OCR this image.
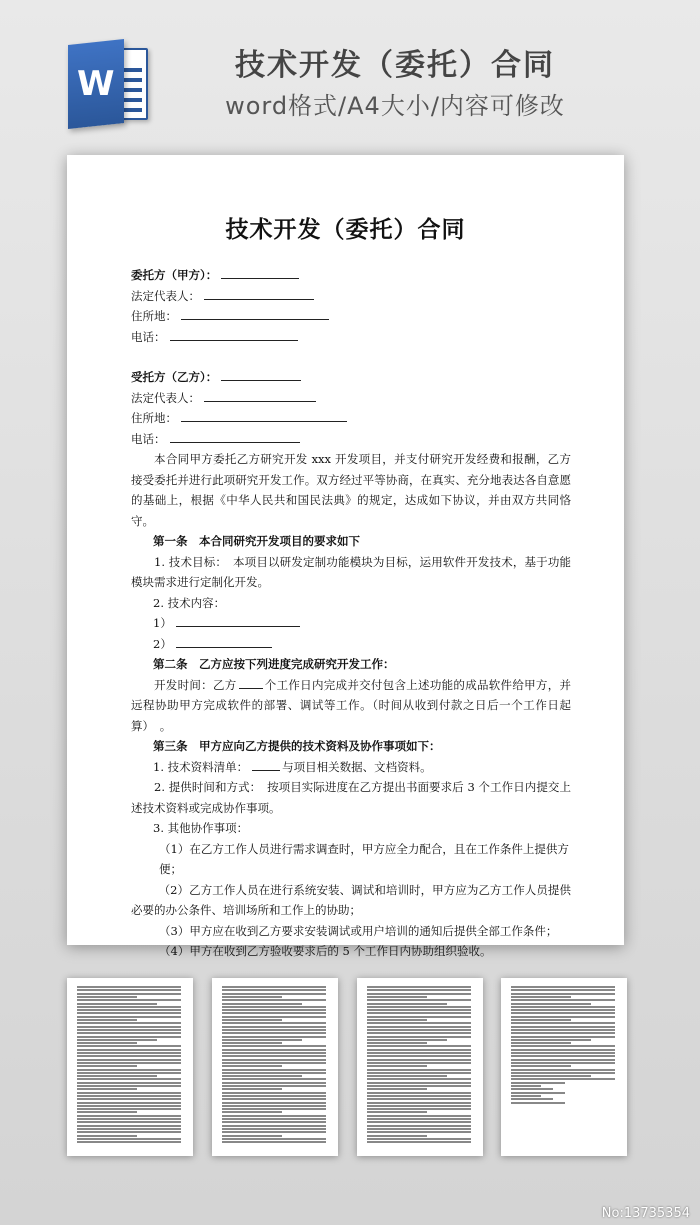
W	技术开发（委托）合同
word格式/A4大小/内容可修改
技术开发（委托）合同
委托方（甲方）：
法定代表人：
住所地：
电话：
受托方（乙方）：
法定代表人：
住所地：
电话：

本合同甲方委托乙方研究开发 xxx 开发项目，并支付研究开发经费和报酬，乙方接受委托并进行此项研究开发工作。双方经过平等协商，在真实、充分地表达各自意愿的基础上，根据《中华人民共和国民法典》的规定，达成如下协议，并由双方共同恪守。

第一条　本合同研究开发项目的要求如下

1. 技术目标：　本项目以研发定制功能模块为目标，运用软件开发技术，基于功能模块需求进行定制化开发。

2. 技术内容：
1）
2）
第二条　乙方应按下列进度完成研究开发工作：

开发时间：乙方 个工作日内完成并交付包含上述功能的成品软件给甲方，并远程协助甲方完成软件的部署、调试等工作。（时间从收到付款之日后一个工作日起算）　。

第三条　甲方应向乙方提供的技术资料及协作事项如下：
1. 技术资料清单：	与项目相关数据、文档资料。

2. 提供时间和方式：　按项目实际进度在乙方提出书面要求后 3 个工作日内提交上述技术资料或完成协作事项。

3. 其他协作事项：
（1）在乙方工作人员进行需求调查时，甲方应全力配合，且在工作条件上提供方便；

（2）乙方工作人员在进行系统安装、调试和培训时，甲方应为乙方工作人员提供必要的办公条件、培训场所和工作上的协助；

（3）甲方应在收到乙方要求安装调试或用户培训的通知后提供全部工作条件；
（4）甲方在收到乙方验收要求后的 5 个工作日内协助组织验收。
No:13735354
